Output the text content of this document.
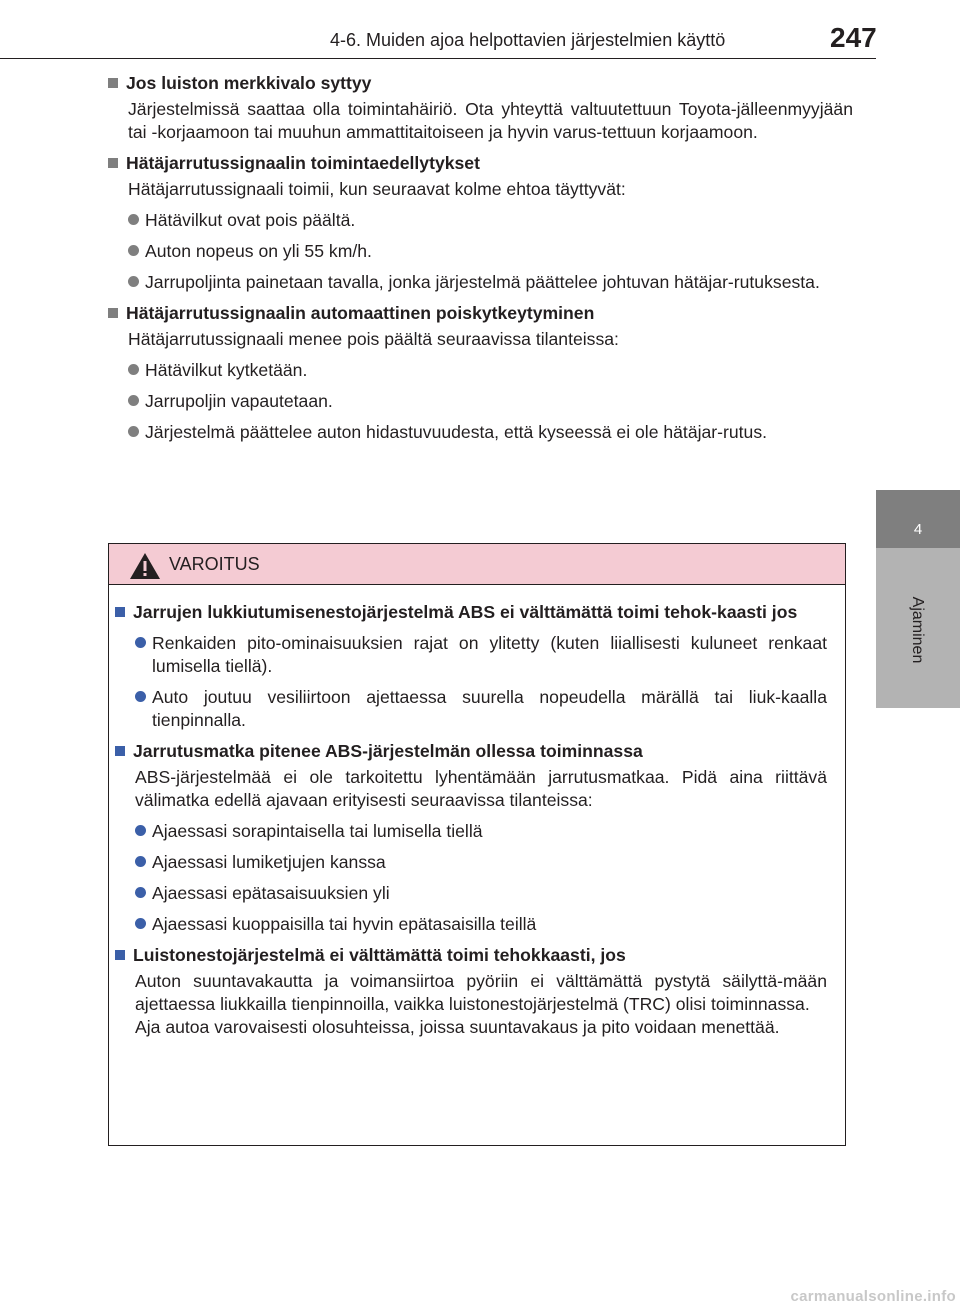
4-6. Muiden ajoa helpottavien järjestelmien käyttö	247
4
Ajaminen
Jos luiston merkkivalo syttyy
Järjestelmissä saattaa olla toimintahäiriö. Ota yhteyttä valtuutettuun Toyota-jälleenmyyjään tai -korjaamoon tai muuhun ammattitaitoiseen ja hyvin varus-tettuun korjaamoon.
Hätäjarrutussignaalin toimintaedellytykset
Hätäjarrutussignaali toimii, kun seuraavat kolme ehtoa täyttyvät:
Hätävilkut ovat pois päältä.
Auton nopeus on yli 55 km/h.
Jarrupoljinta painetaan tavalla, jonka järjestelmä päättelee johtuvan hätäjar-rutuksesta.
Hätäjarrutussignaalin automaattinen poiskytkeytyminen
Hätäjarrutussignaali menee pois päältä seuraavissa tilanteissa:
Hätävilkut kytketään.
Jarrupoljin vapautetaan.
Järjestelmä päättelee auton hidastuvuudesta, että kyseessä ei ole hätäjar-rutus.
VAROITUS
Jarrujen lukkiutumisenestojärjestelmä ABS ei välttämättä toimi tehok-kaasti jos
Renkaiden pito-ominaisuuksien rajat on ylitetty (kuten liiallisesti kuluneet renkaat lumisella tiellä).
Auto joutuu vesiliirtoon ajettaessa suurella nopeudella märällä tai liuk-kaalla tienpinnalla.
Jarrutusmatka pitenee ABS-järjestelmän ollessa toiminnassa
ABS-järjestelmää ei ole tarkoitettu lyhentämään jarrutusmatkaa. Pidä aina riittävä välimatka edellä ajavaan erityisesti seuraavissa tilanteissa:
Ajaessasi sorapintaisella tai lumisella tiellä
Ajaessasi lumiketjujen kanssa
Ajaessasi epätasaisuuksien yli
Ajaessasi kuoppaisilla tai hyvin epätasaisilla teillä
Luistonestojärjestelmä ei välttämättä toimi tehokkaasti, jos
Auton suuntavakautta ja voimansiirtoa pyöriin ei välttämättä pystytä säilyttä-mään ajettaessa liukkailla tienpinnoilla, vaikka luistonestojärjestelmä (TRC) olisi toiminnassa.
Aja autoa varovaisesti olosuhteissa, joissa suuntavakaus ja pito voidaan menettää.
carmanualsonline.info
